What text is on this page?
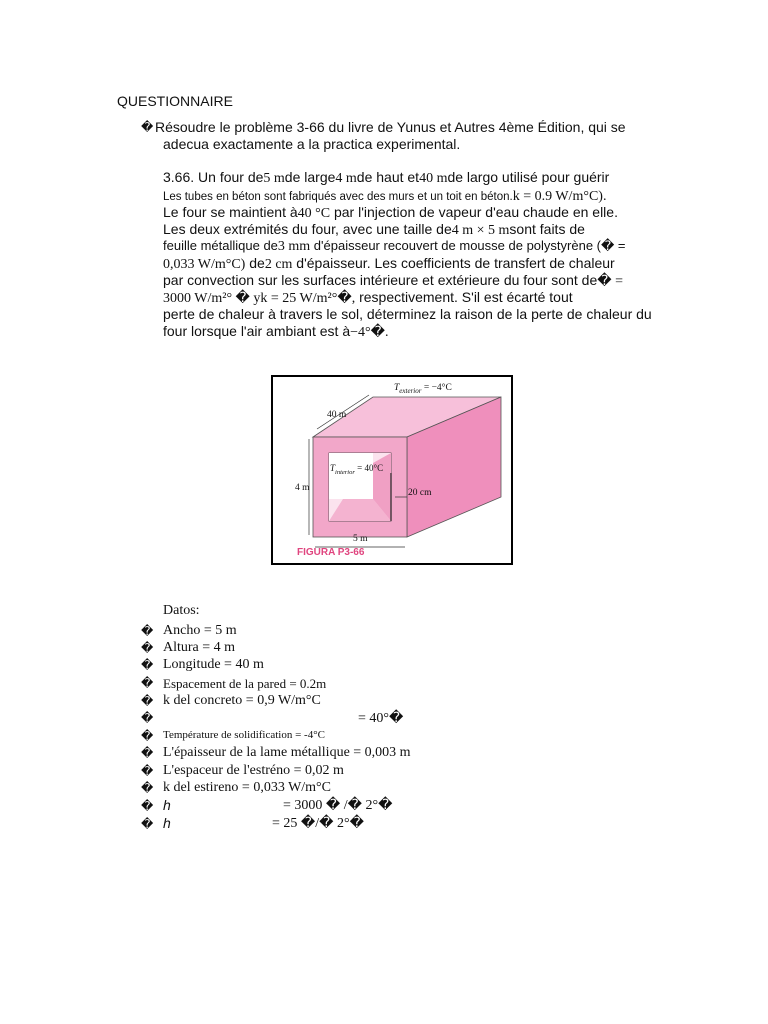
QUESTIONNAIRE
� Résoudre le problème 3-66 du livre de Yunus et Autres 4ème Édition, qui se
adecua exactamente a la practica experimental.
3.66. Un four de5 mde large4 mde haut et40 mde largo utilisé pour guérir
Les tubes en béton sont fabriqués avec des murs et un toit en béton.k = 0.9 W/m°C).
Le four se maintient à40 °C par l'injection de vapeur d'eau chaude en elle.
Les deux extrémités du four, avec une taille de4 m × 5 msont faits de
feuille métallique de3 mm d'épaisseur recouvert de mousse de polystyrène (� =
0,033 W/m°C) de2 cm d'épaisseur. Les coefficients de transfert de chaleur
par convection sur les surfaces intérieure et extérieure du four sont de� =
3000 W/m²° � yk = 25 W/m²°�, respectivement. S'il est écarté tout
perte de chaleur à travers le sol, déterminez la raison de la perte de chaleur du
four lorsque l'air ambiant est à−4°�.
$T_{exterior} = -4^\circ C$
40 m
$T_{interior} = 40^\circ C$
4 m	20 cm
5 m
FIGURA P3-66
Datos:
� Ancho = 5 m
� Altura = 4 m
� Longitude = 40 m
� Espacement de la pared = 0.2m
� k del concreto = 0,9 W/m°C
�	= 40°�
� Température de solidification = -4°C
� L'épaisseur de la lame métallique = 0,003 m
� L'espaceur de l'estréno = 0,02 m
� k del estireno = 0,033 W/m°C
� h	= 3000 � /� 2°�
� h	= 25 �/� 2°�
